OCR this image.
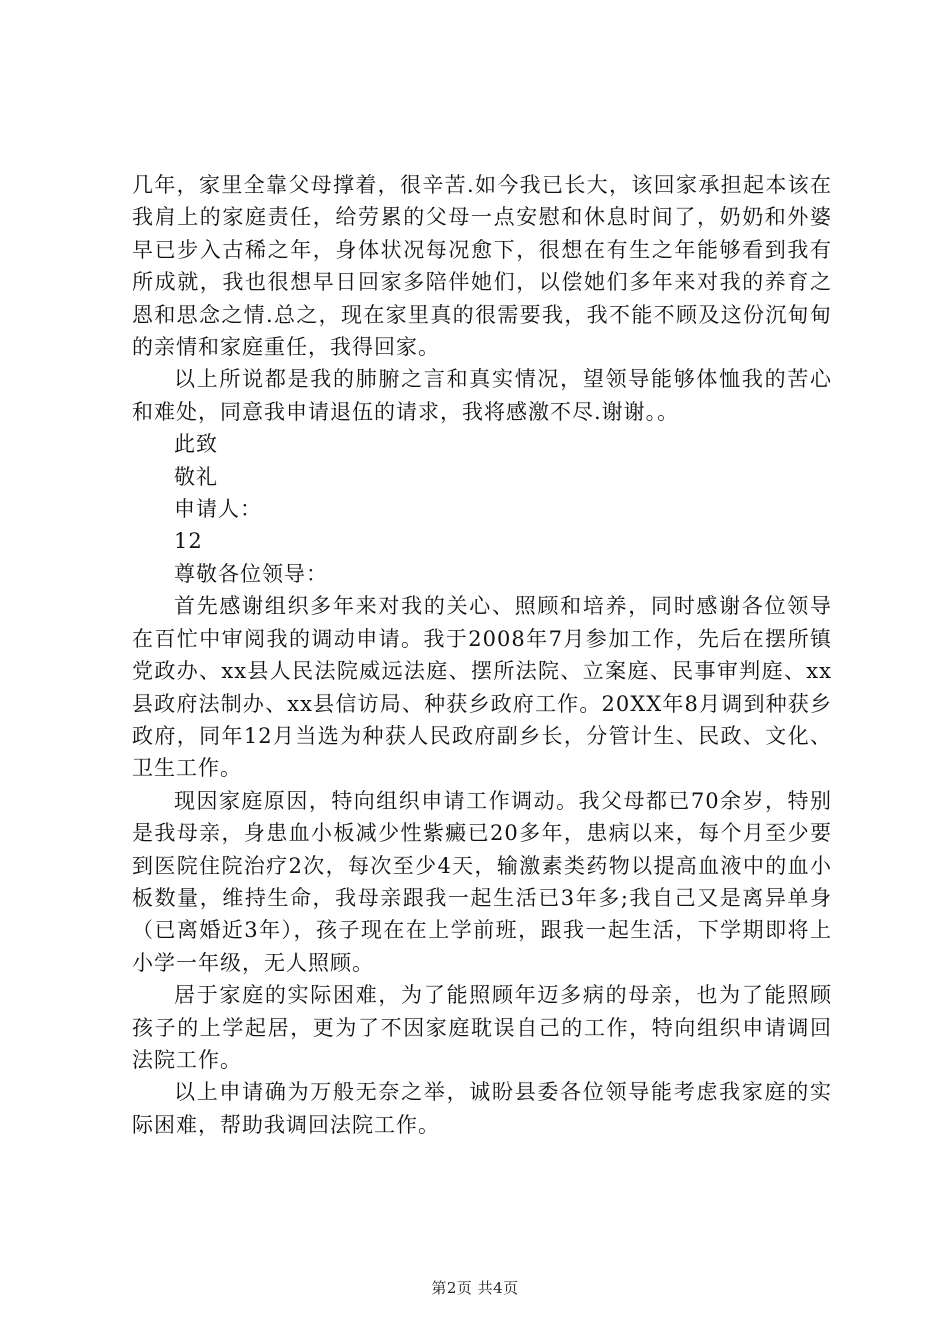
几年，家里全靠父母撑着，很辛苦.如今我已长大，该回家承担起本该在我肩上的家庭责任，给劳累的父母一点安慰和休息时间了，奶奶和外婆早已步入古稀之年，身体状况每况愈下，很想在有生之年能够看到我有所成就，我也很想早日回家多陪伴她们，以偿她们多年来对我的养育之恩和思念之情.总之，现在家里真的很需要我，我不能不顾及这份沉甸甸的亲情和家庭重任，我得回家。

以上所说都是我的肺腑之言和真实情况，望领导能够体恤我的苦心和难处，同意我申请退伍的请求，我将感激不尽.谢谢。。

此致

敬礼

申请人：

12

尊敬各位领导：

首先感谢组织多年来对我的关心、照顾和培养，同时感谢各位领导在百忙中审阅我的调动申请。我于2008年7月参加工作，先后在摆所镇党政办、xx县人民法院威远法庭、摆所法院、立案庭、民事审判庭、xx县政府法制办、xx县信访局、种获乡政府工作。20XX年8月调到种获乡政府，同年12月当选为种获人民政府副乡长，分管计生、民政、文化、卫生工作。

现因家庭原因，特向组织申请工作调动。我父母都已70余岁，特别是我母亲，身患血小板减少性紫癜已20多年，患病以来，每个月至少要到医院住院治疗2次，每次至少4天，输激素类药物以提高血液中的血小板数量，维持生命，我母亲跟我一起生活已3年多;我自己又是离异单身（已离婚近3年），孩子现在在上学前班，跟我一起生活，下学期即将上小学一年级，无人照顾。

居于家庭的实际困难，为了能照顾年迈多病的母亲，也为了能照顾孩子的上学起居，更为了不因家庭耽误自己的工作，特向组织申请调回法院工作。

以上申请确为万般无奈之举，诚盼县委各位领导能考虑我家庭的实际困难，帮助我调回法院工作。

第2页 共4页
